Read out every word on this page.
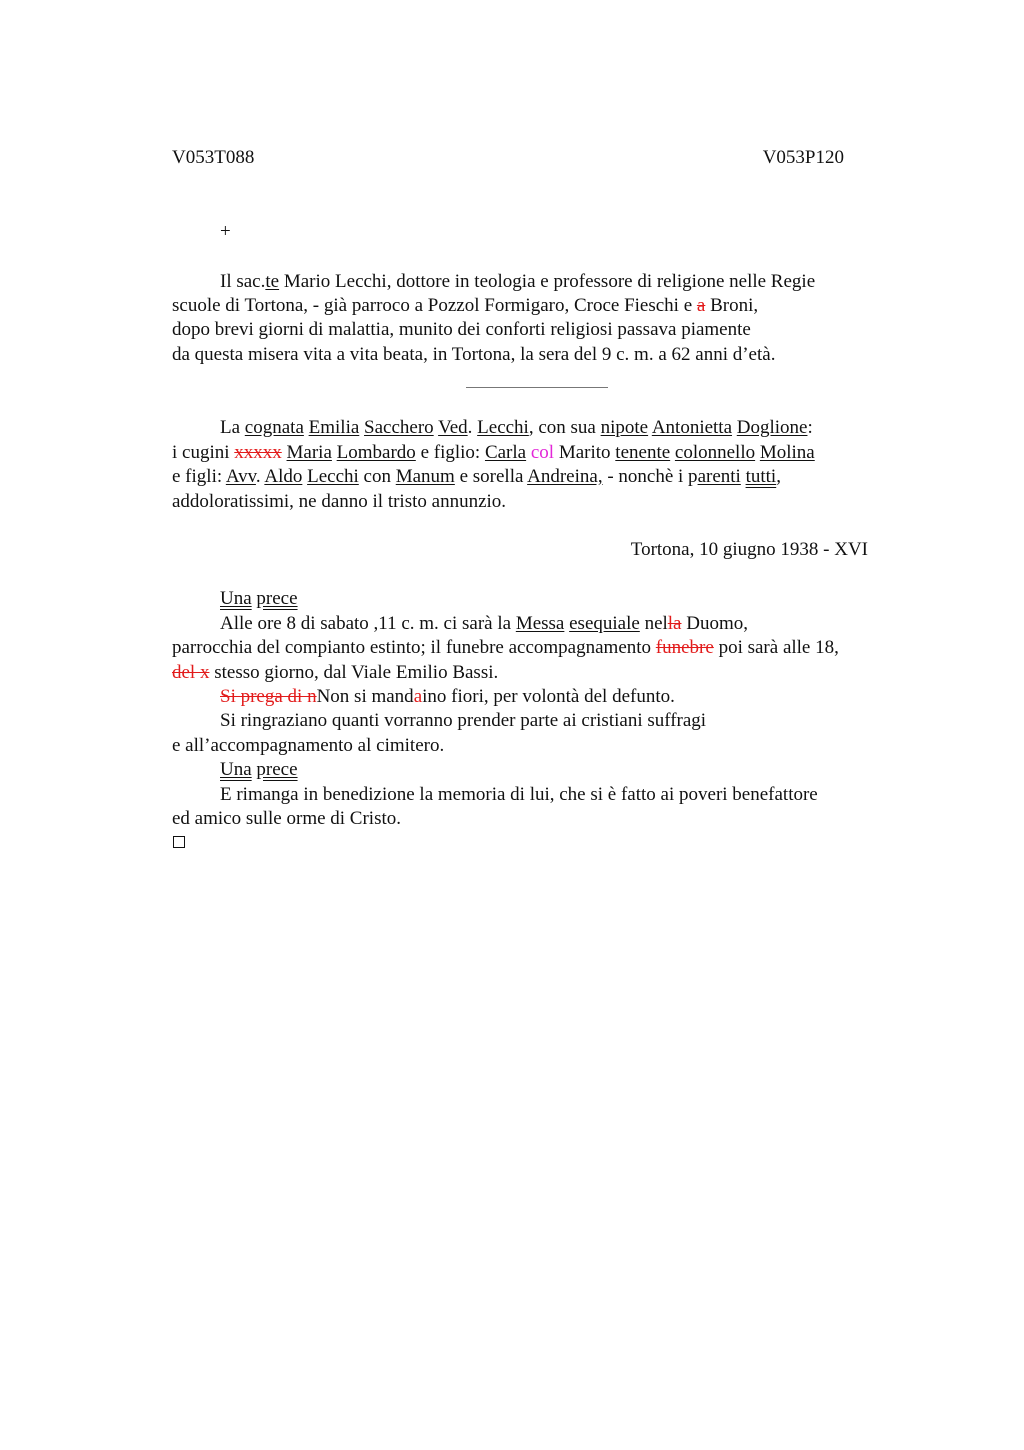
V053T088	V053P120
+
Il sac.te Mario Lecchi, dottore in teologia e professore di religione nelle Regie
scuole di Tortona, - già parroco a Pozzol Formigaro, Croce Fieschi e a Broni,
dopo brevi giorni di malattia, munito dei conforti religiosi passava piamente
da questa misera vita a vita beata, in Tortona, la sera del 9 c. m. a 62 anni d’età.
La cognata Emilia Sacchero Ved. Lecchi, con sua nipote Antonietta Doglione:
i cugini xxxxx Maria Lombardo e figlio: Carla col Marito tenente colonnello Molina
e figli: Avv. Aldo Lecchi con Manum e sorella Andreina, - nonchè i parenti tutti,
addoloratissimi, ne danno il tristo annunzio.
Tortona, 10 giugno 1938 - XVI
Una prece
Alle ore 8 di sabato ,11 c. m. ci sarà la Messa esequiale nella Duomo,
parrocchia del compianto estinto; il funebre accompagnamento funebre poi sarà alle 18,
del x stesso giorno, dal Viale Emilio Bassi.
Si prega di nNon si mandaino fiori, per volontà del defunto.
Si ringraziano quanti vorranno prender parte ai cristiani suffragi
e all’accompagnamento al cimitero.
Una prece
E rimanga in benedizione la memoria di lui, che si è fatto ai poveri benefattore
ed amico sulle orme di Cristo.
